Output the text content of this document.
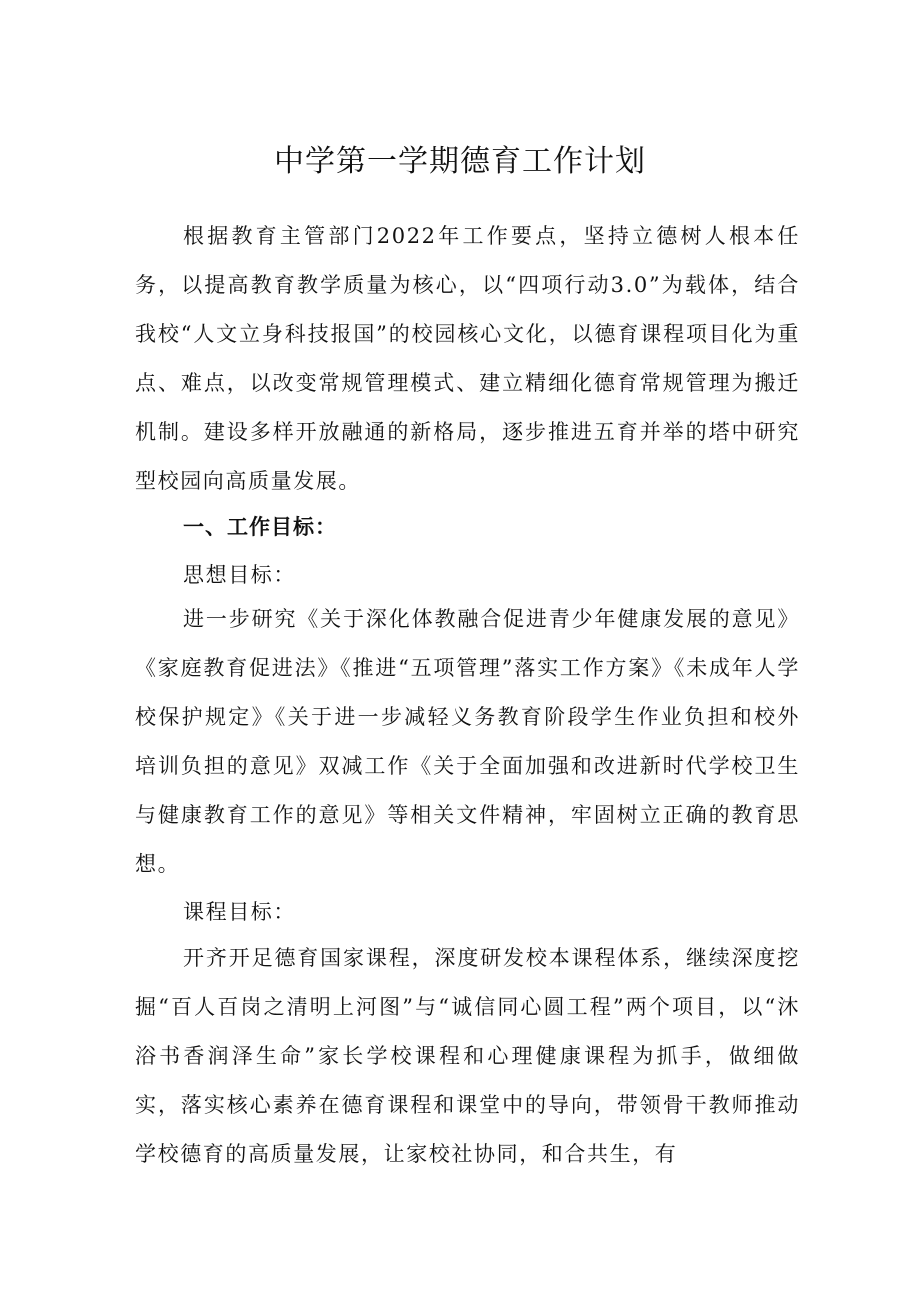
中学第一学期德育工作计划

根据教育主管部门2022年工作要点，坚持立德树人根本任务，以提高教育教学质量为核心，以“四项行动3.0”为载体，结合我校“人文立身科技报国”的校园核心文化，以德育课程项目化为重点、难点，以改变常规管理模式、建立精细化德育常规管理为搬迁机制。建设多样开放融通的新格局，逐步推进五育并举的塔中研究型校园向高质量发展。

一、工作目标：
思想目标：

进一步研究《关于深化体教融合促进青少年健康发展的意见》《家庭教育促进法》《推进“五项管理”落实工作方案》《未成年人学校保护规定》《关于进一步减轻义务教育阶段学生作业负担和校外培训负担的意见》双减工作《关于全面加强和改进新时代学校卫生与健康教育工作的意见》等相关文件精神，牢固树立正确的教育思想。

课程目标：

开齐开足德育国家课程，深度研发校本课程体系，继续深度挖掘“百人百岗之清明上河图”与“诚信同心圆工程”两个项目，以“沐浴书香润泽生命”家长学校课程和心理健康课程为抓手，做细做实，落实核心素养在德育课程和课堂中的导向，带领骨干教师推动学校德育的高质量发展，让家校社协同，和合共生，有
